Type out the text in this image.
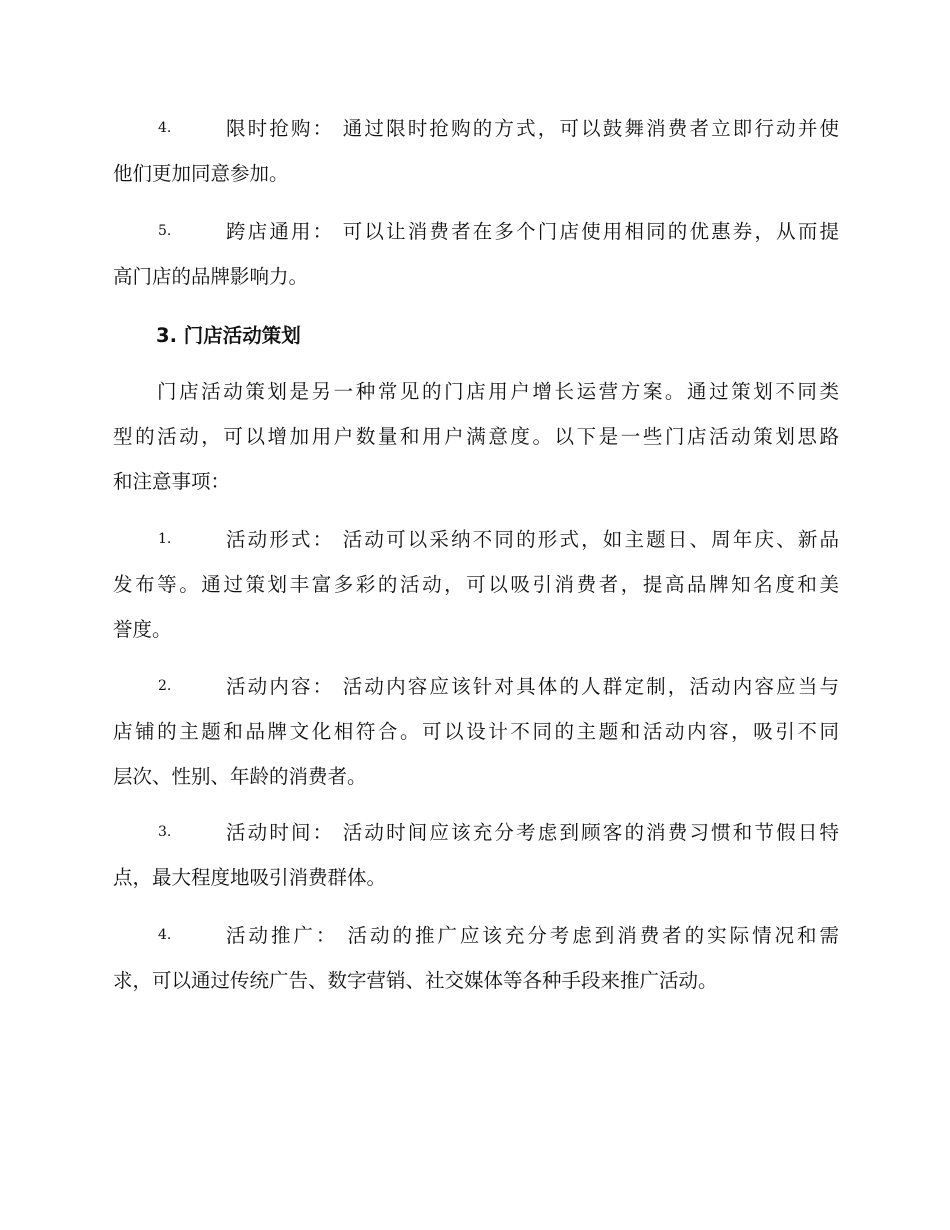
4.	限时抢购： 通过限时抢购的方式，可以鼓舞消费者立即行动并使
他们更加同意参加。
5.	跨店通用： 可以让消费者在多个门店使用相同的优惠券，从而提
高门店的品牌影响力。
3. 门店活动策划
门店活动策划是另一种常见的门店用户增长运营方案。通过策划不同类
型的活动，可以增加用户数量和用户满意度。以下是一些门店活动策划思路
和注意事项：
1.	活动形式： 活动可以采纳不同的形式，如主题日、周年庆、新品
发布等。通过策划丰富多彩的活动，可以吸引消费者，提高品牌知名度和美
誉度。
2.	活动内容： 活动内容应该针对具体的人群定制，活动内容应当与
店铺的主题和品牌文化相符合。可以设计不同的主题和活动内容，吸引不同
层次、性别、年龄的消费者。
3.	活动时间： 活动时间应该充分考虑到顾客的消费习惯和节假日特
点，最大程度地吸引消费群体。
4.	活动推广： 活动的推广应该充分考虑到消费者的实际情况和需
求，可以通过传统广告、数字营销、社交媒体等各种手段来推广活动。
